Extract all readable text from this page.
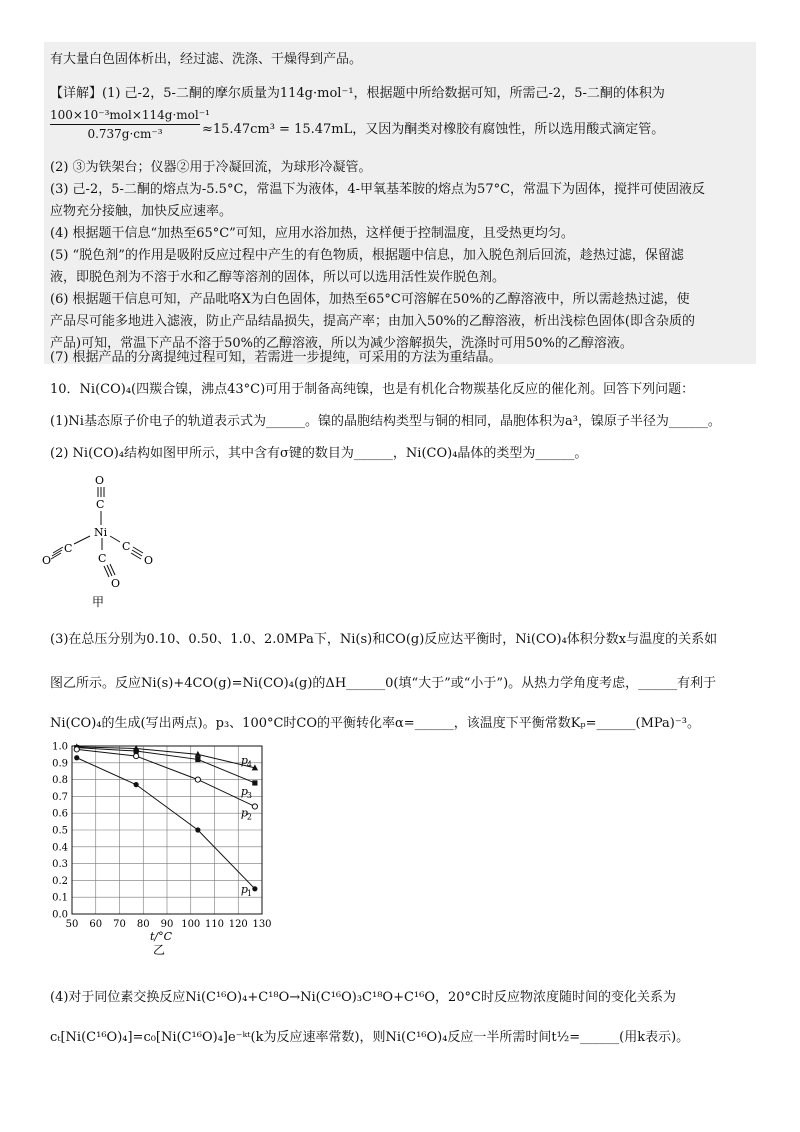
有大量白色固体析出，经过滤、洗涤、干燥得到产品。
【详解】(1) 己-2，5-二酮的摩尔质量为114g·mol⁻¹，根据题中所给数据可知，所需己-2，5-二酮的体积为
100×10⁻³mol×114g·mol⁻¹
0.737g·cm⁻³	≈15.47cm³ = 15.47mL，又因为酮类对橡胶有腐蚀性，所以选用酸式滴定管。
(2) ③为铁架台；仪器②用于冷凝回流，为球形冷凝管。
(3) 己-2，5-二酮的熔点为-5.5°C，常温下为液体，4-甲氧基苯胺的熔点为57°C，常温下为固体，搅拌可使固液反
应物充分接触，加快反应速率。
(4) 根据题干信息“加热至65°C”可知，应用水浴加热，这样便于控制温度，且受热更均匀。
(5) “脱色剂”的作用是吸附反应过程中产生的有色物质，根据题中信息，加入脱色剂后回流，趁热过滤，保留滤
液，即脱色剂为不溶于水和乙醇等溶剂的固体，所以可以选用活性炭作脱色剂。
(6) 根据题干信息可知，产品吡咯X为白色固体，加热至65°C可溶解在50%的乙醇溶液中，所以需趁热过滤，使
产品尽可能多地进入滤液，防止产品结晶损失，提高产率；由加入50%的乙醇溶液，析出浅棕色固体(即含杂质的
产品)可知，常温下产品不溶于50%的乙醇溶液，所以为减少溶解损失，洗涤时可用50%的乙醇溶液。
(7) 根据产品的分离提纯过程可知，若需进一步提纯，可采用的方法为重结晶。
10．Ni(CO)₄(四羰合镍，沸点43°C)可用于制备高纯镍，也是有机化合物羰基化反应的催化剂。回答下列问题：
(1)Ni基态原子价电子的轨道表示式为______。镍的晶胞结构类型与铜的相同，晶胞体积为a³，镍原子半径为______。
(2) Ni(CO)₄结构如图甲所示，其中含有σ键的数目为______，Ni(CO)₄晶体的类型为______。
O
C
Ni
C
O
C
O
C
O
甲
(3)在总压分别为0.10、0.50、1.0、2.0MPa下，Ni(s)和CO(g)反应达平衡时，Ni(CO)₄体积分数x与温度的关系如
图乙所示。反应Ni(s)+4CO(g)=Ni(CO)₄(g)的ΔH______0(填“大于”或“小于”)。从热力学角度考虑，______有利于
Ni(CO)₄的生成(写出两点)。p₃、100°C时CO的平衡转化率α=______，该温度下平衡常数Kₚ=______(MPa)⁻³。
50 60 70 80 90 100 110 120 130
0.0
0.1
0.2
0.3
0.4
0.5
0.6
0.7
0.8
0.9
1.0
p
4
p
3
p
2
p
1
t/°C
乙
(4)对于同位素交换反应Ni(C¹⁶O)₄+C¹⁸O→Ni(C¹⁶O)₃C¹⁸O+C¹⁶O，20°C时反应物浓度随时间的变化关系为
cₜ[Ni(C¹⁶O)₄]=c₀[Ni(C¹⁶O)₄]e⁻ᵏᵗ(k为反应速率常数)，则Ni(C¹⁶O)₄反应一半所需时间t½=______(用k表示)。
